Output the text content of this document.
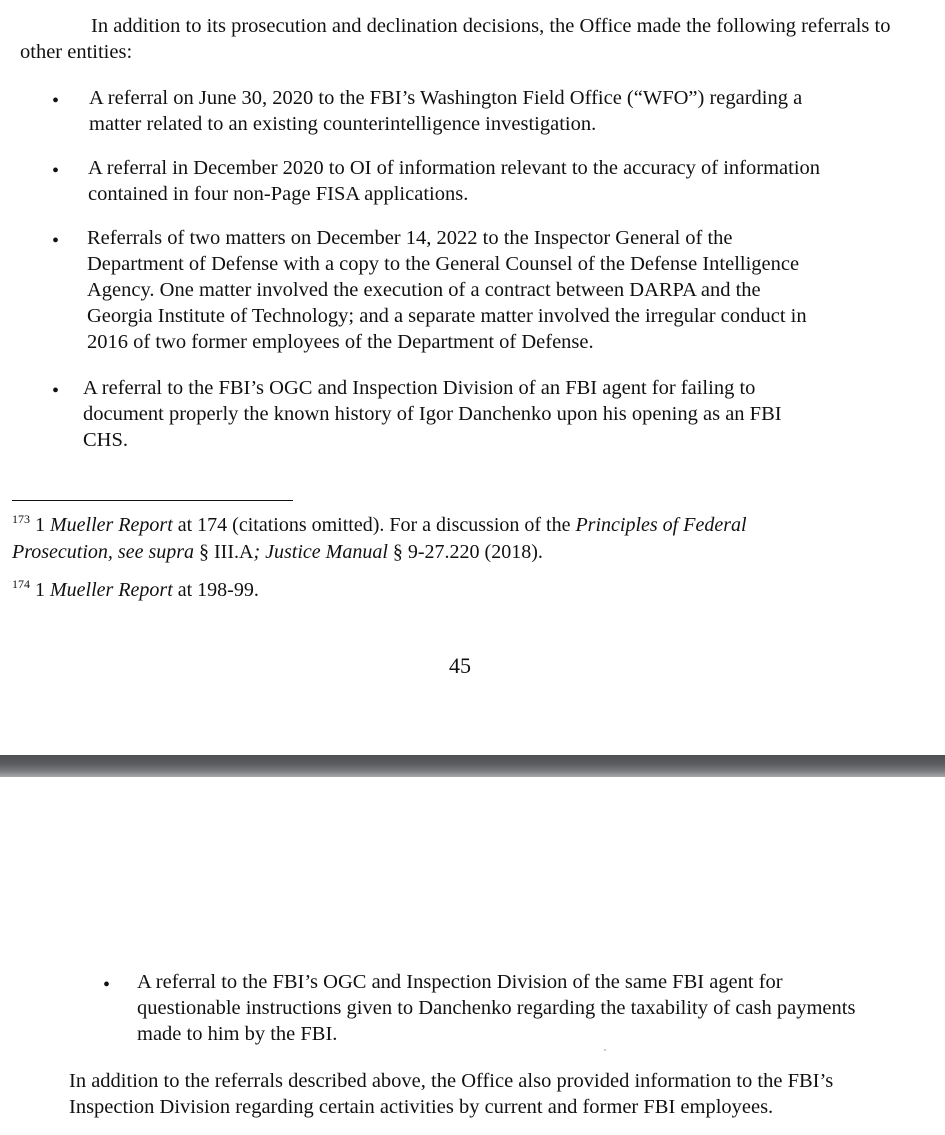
In addition to its prosecution and declination decisions, the Office made the following referrals to other entities:

• A referral on June 30, 2020 to the FBI’s Washington Field Office (“WFO”) regarding a
matter related to an existing counterintelligence investigation.
• A referral in December 2020 to OI of information relevant to the accuracy of information
contained in four non-Page FISA applications.
• Referrals of two matters on December 14, 2022 to the Inspector General of the
Department of Defense with a copy to the General Counsel of the Defense Intelligence
Agency. One matter involved the execution of a contract between DARPA and the
Georgia Institute of Technology; and a separate matter involved the irregular conduct in
2016 of two former employees of the Department of Defense.
• A referral to the FBI’s OGC and Inspection Division of an FBI agent for failing to
document properly the known history of Igor Danchenko upon his opening as an FBI
CHS.
$^{173}$ 1 Mueller Report at 174 (citations omitted). For a discussion of the Principles of Federal
Prosecution, see supra § III.A; Justice Manual § 9-27.220 (2018).
$^{174}$ 1 Mueller Report at 198-99.
45
• A referral to the FBI’s OGC and Inspection Division of the same FBI agent for
questionable instructions given to Danchenko regarding the taxability of cash payments
made to him by the FBI.
In addition to the referrals described above, the Office also provided information to the FBI’s
Inspection Division regarding certain activities by current and former FBI employees.
